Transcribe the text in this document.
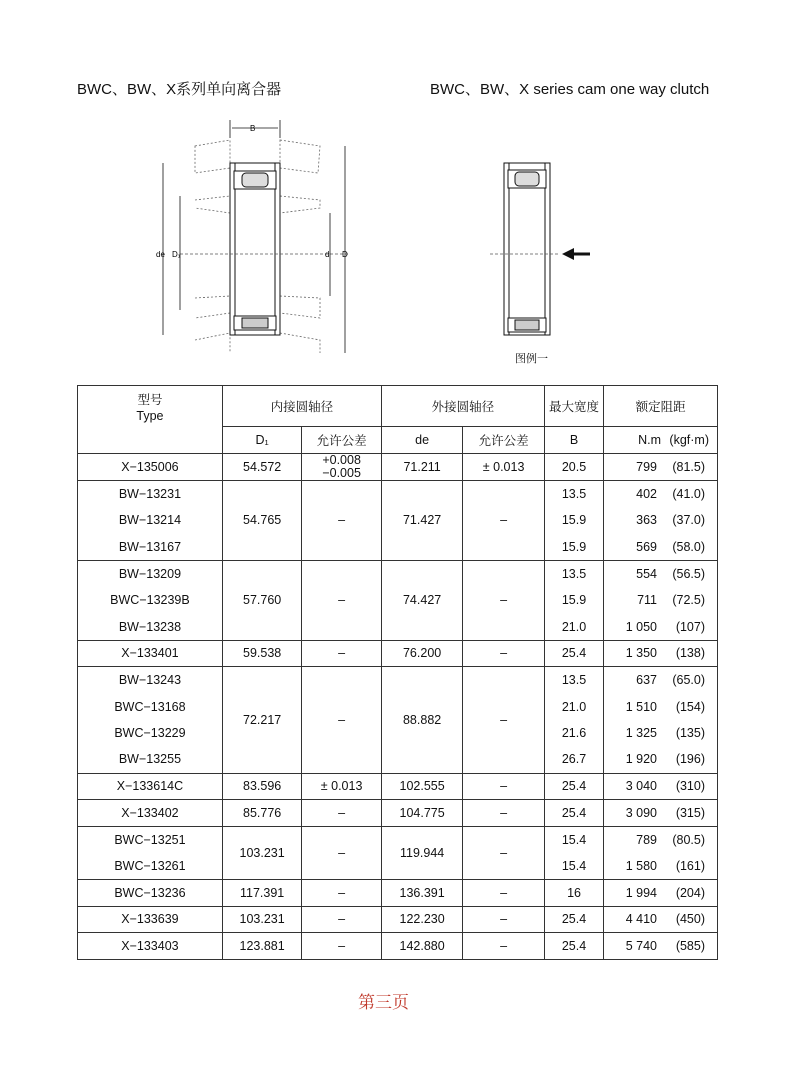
BWC、BW、X系列单向离合器	BWC、BW、X series cam one way clutch
B
de D₁	d D
图例一
型号
Type	内接圆轴径		外接圆轴径		最大宽度	额定阻距
	D₁	允许公差	de	允许公差	B	N.m (kgf·m)

X−135006	54.572	+0.008
−0.005	71.211	± 0.013	20.5	799 (81.5)

BW−13231	54.765	–	71.427	–	13.5	402 (41.0)

BW−13214					15.9	363 (37.0)

BW−13167					15.9	569 (58.0)

BW−13209	57.760	–	74.427	–	13.5	554 (56.5)

BWC−13239B					15.9	711 (72.5)

BW−13238					21.0	1 050 (107)

X−133401	59.538	–	76.200	–	25.4	1 350 (138)

BW−13243	72.217	–	88.882	–	13.5	637 (65.0)

BWC−13168					21.0	1 510 (154)

BWC−13229					21.6	1 325 (135)

BW−13255					26.7	1 920 (196)

X−133614C	83.596	± 0.013	102.555	–	25.4	3 040 (310)

X−133402	85.776	–	104.775	–	25.4	3 090 (315)

BWC−13251	103.231	–	119.944	–	15.4	789 (80.5)

BWC−13261					15.4	1 580 (161)

BWC−13236	117.391	–	136.391	–	16	1 994 (204)

X−133639	103.231	–	122.230	–	25.4	4 410 (450)

X−133403	123.881	–	142.880	–	25.4	5 740 (585)
第三页
